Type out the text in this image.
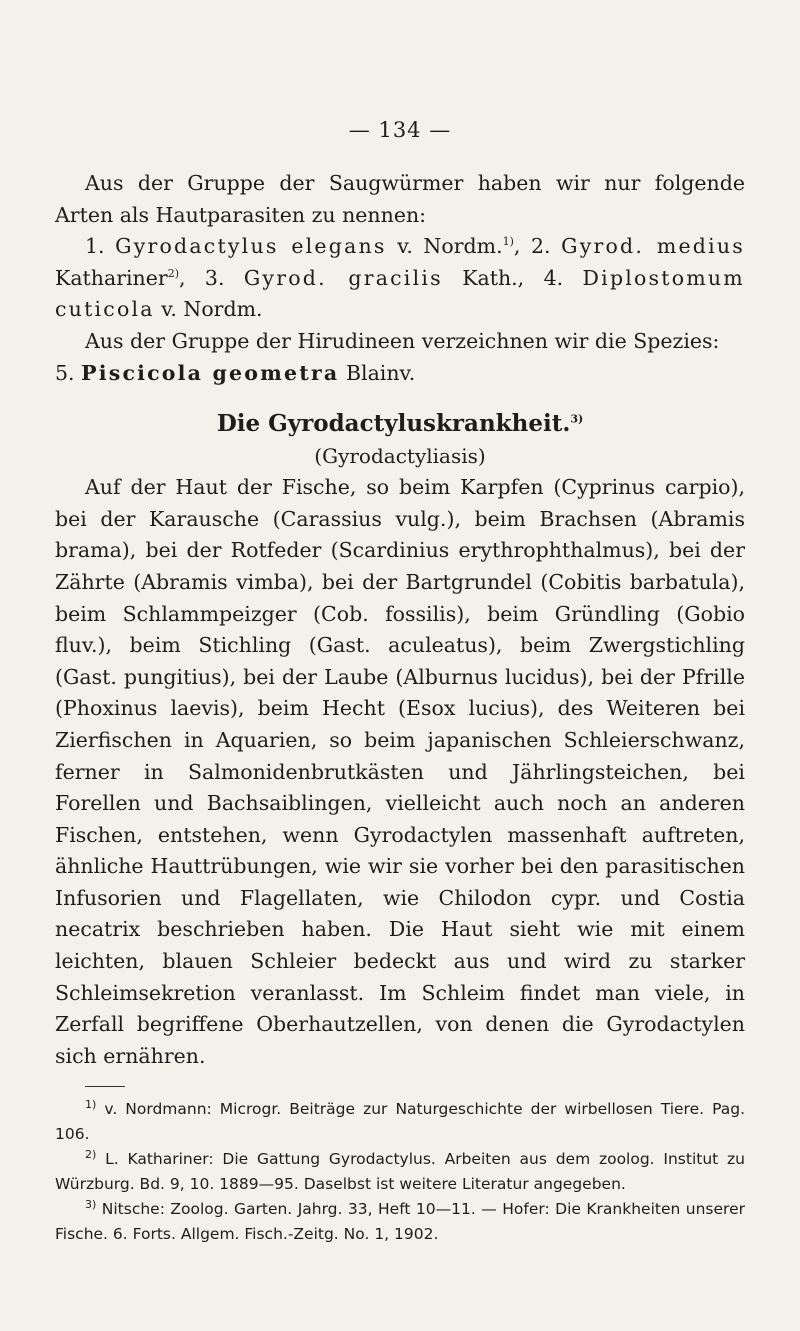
— 134 —

Aus der Gruppe der Saugwürmer haben wir nur folgende Arten als Hautparasiten zu nennen:

1. Gyrodactylus elegans v. Nordm.$^{1)}$, 2. Gyrod. medius Kathariner$^{2)}$, 3. Gyrod. gracilis Kath., 4. Diplostomum cuticola v. Nordm.

Aus der Gruppe der Hirudineen verzeichnen wir die Spezies:

5. Piscicola geometra Blainv.

Die Gyrodactyluskrankheit.$^{3)}$
(Gyrodactyliasis)

Auf der Haut der Fische, so beim Karpfen (Cyprinus carpio), bei der Karausche (Carassius vulg.), beim Brachsen (Abramis brama), bei der Rotfeder (Scardinius erythrophthalmus), bei der Zährte (Abramis vimba), bei der Bartgrundel (Cobitis barbatula), beim Schlammpeizger (Cob. fossilis), beim Gründling (Gobio fluv.), beim Stichling (Gast. aculeatus), beim Zwergstichling (Gast. pungitius), bei der Laube (Alburnus lucidus), bei der Pfrille (Phoxinus laevis), beim Hecht (Esox lucius), des Weiteren bei Zierfischen in Aquarien, so beim japanischen Schleierschwanz, ferner in Salmonidenbrutkästen und Jährlingsteichen, bei Forellen und Bachsaiblingen, vielleicht auch noch an anderen Fischen, entstehen, wenn Gyrodactylen massenhaft auftreten, ähnliche Hauttrübungen, wie wir sie vorher bei den parasitischen Infusorien und Flagellaten, wie Chilodon cypr. und Costia necatrix beschrieben haben. Die Haut sieht wie mit einem leichten, blauen Schleier bedeckt aus und wird zu starker Schleimsekretion veranlasst. Im Schleim findet man viele, in Zerfall begriffene Oberhautzellen, von denen die Gyrodactylen sich ernähren.

$^{1)}$ v. Nordmann: Microgr. Beiträge zur Naturgeschichte der wirbellosen Tiere. Pag. 106.

$^{2)}$ L. Kathariner: Die Gattung Gyrodactylus. Arbeiten aus dem zoolog. Institut zu Würzburg. Bd. 9, 10. 1889—95. Daselbst ist weitere Literatur angegeben.

$^{3)}$ Nitsche: Zoolog. Garten. Jahrg. 33, Heft 10—11. — Hofer: Die Krankheiten unserer Fische. 6. Forts. Allgem. Fisch.-Zeitg. No. 1, 1902.
